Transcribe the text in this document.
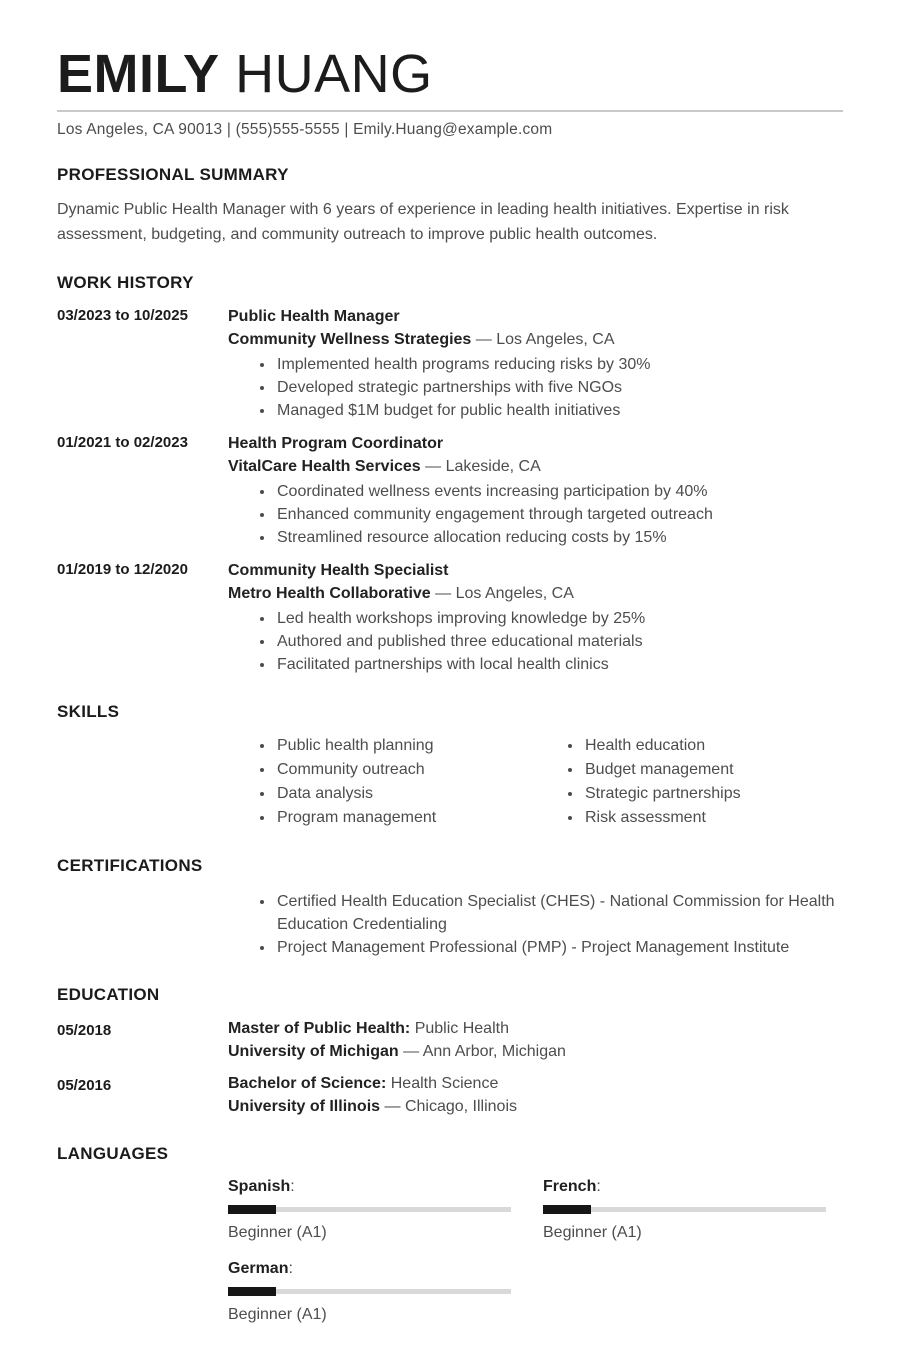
EMILY HUANG
Los Angeles, CA 90013 | (555)555-5555 | Emily.Huang@example.com
PROFESSIONAL SUMMARY

Dynamic Public Health Manager with 6 years of experience in leading health initiatives. Expertise in risk assessment, budgeting, and community outreach to improve public health outcomes.

WORK HISTORY
03/2023 to 10/2025	Public Health Manager
Community Wellness Strategies — Los Angeles, CA
• Implemented health programs reducing risks by 30%
• Developed strategic partnerships with five NGOs
• Managed $1M budget for public health initiatives
01/2021 to 02/2023	Health Program Coordinator
VitalCare Health Services — Lakeside, CA
• Coordinated wellness events increasing participation by 40%
• Enhanced community engagement through targeted outreach
• Streamlined resource allocation reducing costs by 15%
01/2019 to 12/2020	Community Health Specialist
Metro Health Collaborative — Los Angeles, CA
• Led health workshops improving knowledge by 25%
• Authored and published three educational materials
• Facilitated partnerships with local health clinics
SKILLS
• Public health planning
• Community outreach
• Data analysis
• Program management
• Health education
• Budget management
• Strategic partnerships
• Risk assessment
CERTIFICATIONS
• Certified Health Education Specialist (CHES) - National Commission for Health Education Credentialing
• Project Management Professional (PMP) - Project Management Institute
EDUCATION
05/2018	Master of Public Health: Public Health
University of Michigan — Ann Arbor, Michigan
05/2016	Bachelor of Science: Health Science
University of Illinois — Chicago, Illinois
LANGUAGES
Spanish:
Beginner (A1)
French:
Beginner (A1)
German:
Beginner (A1)
